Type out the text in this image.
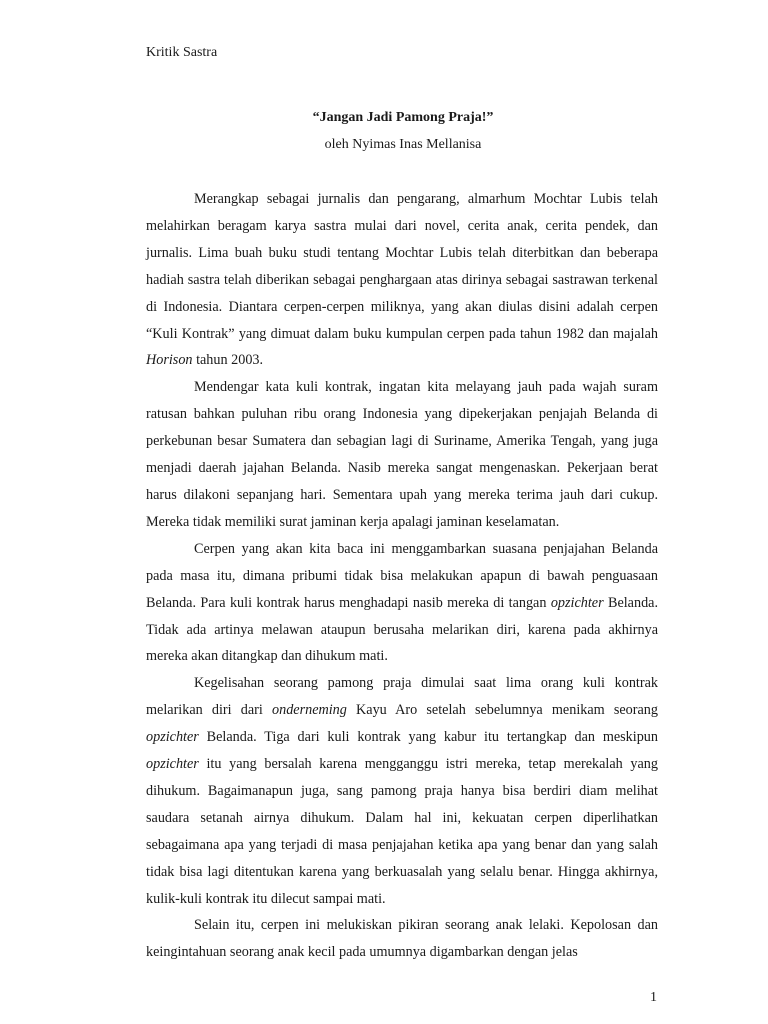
Kritik Sastra
“Jangan Jadi Pamong Praja!”
oleh Nyimas Inas Mellanisa

Merangkap sebagai jurnalis dan pengarang, almarhum Mochtar Lubis telah melahirkan beragam karya sastra mulai dari novel, cerita anak, cerita pendek, dan jurnalis. Lima buah buku studi tentang Mochtar Lubis telah diterbitkan dan beberapa hadiah sastra telah diberikan sebagai penghargaan atas dirinya sebagai sastrawan terkenal di Indonesia. Diantara cerpen-cerpen miliknya, yang akan diulas disini adalah cerpen “Kuli Kontrak” yang dimuat dalam buku kumpulan cerpen pada tahun 1982 dan majalah Horison tahun 2003.

Mendengar kata kuli kontrak, ingatan kita melayang jauh pada wajah suram ratusan bahkan puluhan ribu orang Indonesia yang dipekerjakan penjajah Belanda di perkebunan besar Sumatera dan sebagian lagi di Suriname, Amerika Tengah, yang juga menjadi daerah jajahan Belanda. Nasib mereka sangat mengenaskan. Pekerjaan berat harus dilakoni sepanjang hari. Sementara upah yang mereka terima jauh dari cukup. Mereka tidak memiliki surat jaminan kerja apalagi jaminan keselamatan.

Cerpen yang akan kita baca ini menggambarkan suasana penjajahan Belanda pada masa itu, dimana pribumi tidak bisa melakukan apapun di bawah penguasaan Belanda. Para kuli kontrak harus menghadapi nasib mereka di tangan opzichter Belanda. Tidak ada artinya melawan ataupun berusaha melarikan diri, karena pada akhirnya mereka akan ditangkap dan dihukum mati.

Kegelisahan seorang pamong praja dimulai saat lima orang kuli kontrak melarikan diri dari onderneming Kayu Aro setelah sebelumnya menikam seorang opzichter Belanda. Tiga dari kuli kontrak yang kabur itu tertangkap dan meskipun opzichter itu yang bersalah karena mengganggu istri mereka, tetap merekalah yang dihukum. Bagaimanapun juga, sang pamong praja hanya bisa berdiri diam melihat saudara setanah airnya dihukum. Dalam hal ini, kekuatan cerpen diperlihatkan sebagaimana apa yang terjadi di masa penjajahan ketika apa yang benar dan yang salah tidak bisa lagi ditentukan karena yang berkuasalah yang selalu benar. Hingga akhirnya, kulik-kuli kontrak itu dilecut sampai mati.

Selain itu, cerpen ini melukiskan pikiran seorang anak lelaki. Kepolosan dan keingintahuan seorang anak kecil pada umumnya digambarkan dengan jelas

1
